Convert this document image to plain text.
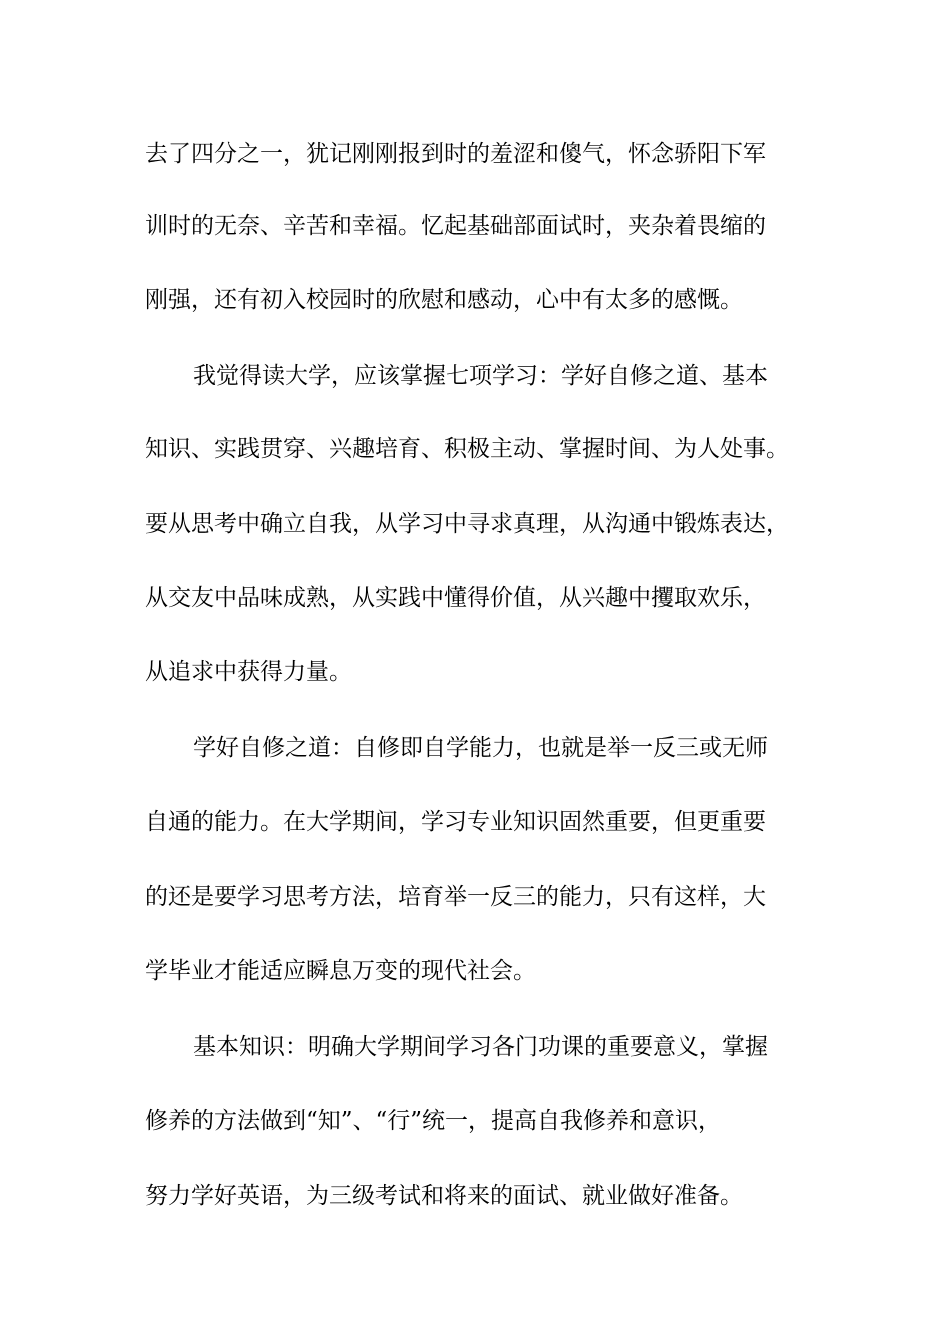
去了四分之一，犹记刚刚报到时的羞涩和傻气，怀念骄阳下军
训时的无奈、辛苦和幸福。忆起基础部面试时，夹杂着畏缩的
刚强，还有初入校园时的欣慰和感动，心中有太多的感慨。
我觉得读大学，应该掌握七项学习：学好自修之道、基本
知识、实践贯穿、兴趣培育、积极主动、掌握时间、为人处事。
要从思考中确立自我，从学习中寻求真理，从沟通中锻炼表达，
从交友中品味成熟，从实践中懂得价值，从兴趣中攫取欢乐，
从追求中获得力量。
学好自修之道：自修即自学能力，也就是举一反三或无师
自通的能力。在大学期间，学习专业知识固然重要，但更重要
的还是要学习思考方法，培育举一反三的能力，只有这样，大
学毕业才能适应瞬息万变的现代社会。
基本知识：明确大学期间学习各门功课的重要意义，掌握
修养的方法做到“知”、“行”统一，提高自我修养和意识，
努力学好英语，为三级考试和将来的面试、就业做好准备。
